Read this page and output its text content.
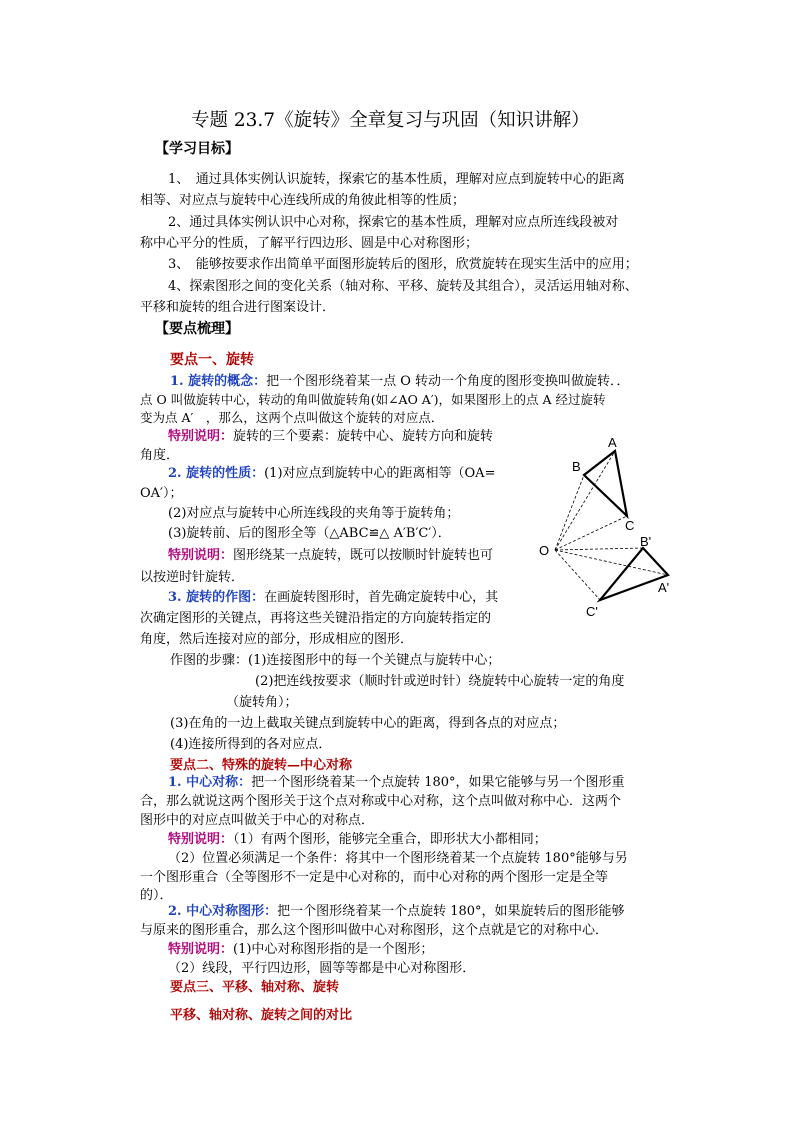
专题 23.7《旋转》全章复习与巩固（知识讲解）
【学习目标】
1、　通过具体实例认识旋转，探索它的基本性质，理解对应点到旋转中心的距离
相等、对应点与旋转中心连线所成的角彼此相等的性质；
2、通过具体实例认识中心对称，探索它的基本性质，理解对应点所连线段被对
称中心平分的性质，了解平行四边形、圆是中心对称图形；
3、　能够按要求作出简单平面图形旋转后的图形，欣赏旋转在现实生活中的应用；
4、探索图形之间的变化关系（轴对称、平移、旋转及其组合），灵活运用轴对称、
平移和旋转的组合进行图案设计．
【要点梳理】
要点一、旋转
1. 旋转的概念：把一个图形绕着某一点 O 转动一个角度的图形变换叫做旋转．．
点 O 叫做旋转中心，转动的角叫做旋转角(如∠AO A′)，如果图形上的点 A 经过旋转
变为点 A′　，那么，这两个点叫做这个旋转的对应点．
特别说明：旋转的三个要素：旋转中心、旋转方向和旋转
角度．
2. 旋转的性质：(1)对应点到旋转中心的距离相等（OA=
OA′）；
(2)对应点与旋转中心所连线段的夹角等于旋转角；
(3)旋转前、后的图形全等（△ABC≌△ A′B′C′）．
特别说明：图形绕某一点旋转，既可以按顺时针旋转也可
以按逆时针旋转．
3. 旋转的作图：在画旋转图形时，首先确定旋转中心，其
次确定图形的关键点，再将这些关键沿指定的方向旋转指定的
角度，然后连接对应的部分，形成相应的图形．
作图的步骤：(1)连接图形中的每一个关键点与旋转中心；
(2)把连线按要求（顺时针或逆时针）绕旋转中心旋转一定的角度
（旋转角）；
(3)在角的一边上截取关键点到旋转中心的距离，得到各点的对应点；
(4)连接所得到的各对应点．
要点二、特殊的旋转—中心对称
1. 中心对称：把一个图形绕着某一个点旋转 180°，如果它能够与另一个图形重
合，那么就说这两个图形关于这个点对称或中心对称，这个点叫做对称中心．这两个
图形中的对应点叫做关于中心的对称点．
特别说明：（1）有两个图形，能够完全重合，即形状大小都相同；
（2）位置必须满足一个条件：将其中一个图形绕着某一个点旋转 180°能够与另
一个图形重合（全等图形不一定是中心对称的，而中心对称的两个图形一定是全等
的）．
2. 中心对称图形：把一个图形绕着某一个点旋转 180°，如果旋转后的图形能够
与原来的图形重合，那么这个图形叫做中心对称图形，这个点就是它的对称中心．
特别说明：(1)中心对称图形指的是一个图形；
（2）线段，平行四边形，圆等等都是中心对称图形．
要点三、平移、轴对称、旋转
平移、轴对称、旋转之间的对比
A
B
C
O
B'
A'
C'
